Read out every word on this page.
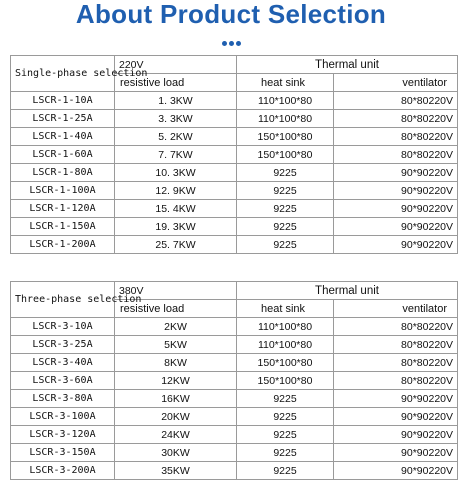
About Product Selection
Single-phase selection	220V	Thermal unit	
	resistive load	heat sink	ventilator
LSCR-1-10A	1. 3KW	110*100*80	80*80220V
LSCR-1-25A	3. 3KW	110*100*80	80*80220V
LSCR-1-40A	5. 2KW	150*100*80	80*80220V
LSCR-1-60A	7. 7KW	150*100*80	80*80220V
LSCR-1-80A	10. 3KW	9225	90*90220V
LSCR-1-100A	12. 9KW	9225	90*90220V
LSCR-1-120A	15. 4KW	9225	90*90220V
LSCR-1-150A	19. 3KW	9225	90*90220V
LSCR-1-200A	25. 7KW	9225	90*90220V
Three-phase selection	380V	Thermal unit	
	resistive load	heat sink	ventilator
LSCR-3-10A	2KW	110*100*80	80*80220V
LSCR-3-25A	5KW	110*100*80	80*80220V
LSCR-3-40A	8KW	150*100*80	80*80220V
LSCR-3-60A	12KW	150*100*80	80*80220V
LSCR-3-80A	16KW	9225	90*90220V
LSCR-3-100A	20KW	9225	90*90220V
LSCR-3-120A	24KW	9225	90*90220V
LSCR-3-150A	30KW	9225	90*90220V
LSCR-3-200A	35KW	9225	90*90220V
